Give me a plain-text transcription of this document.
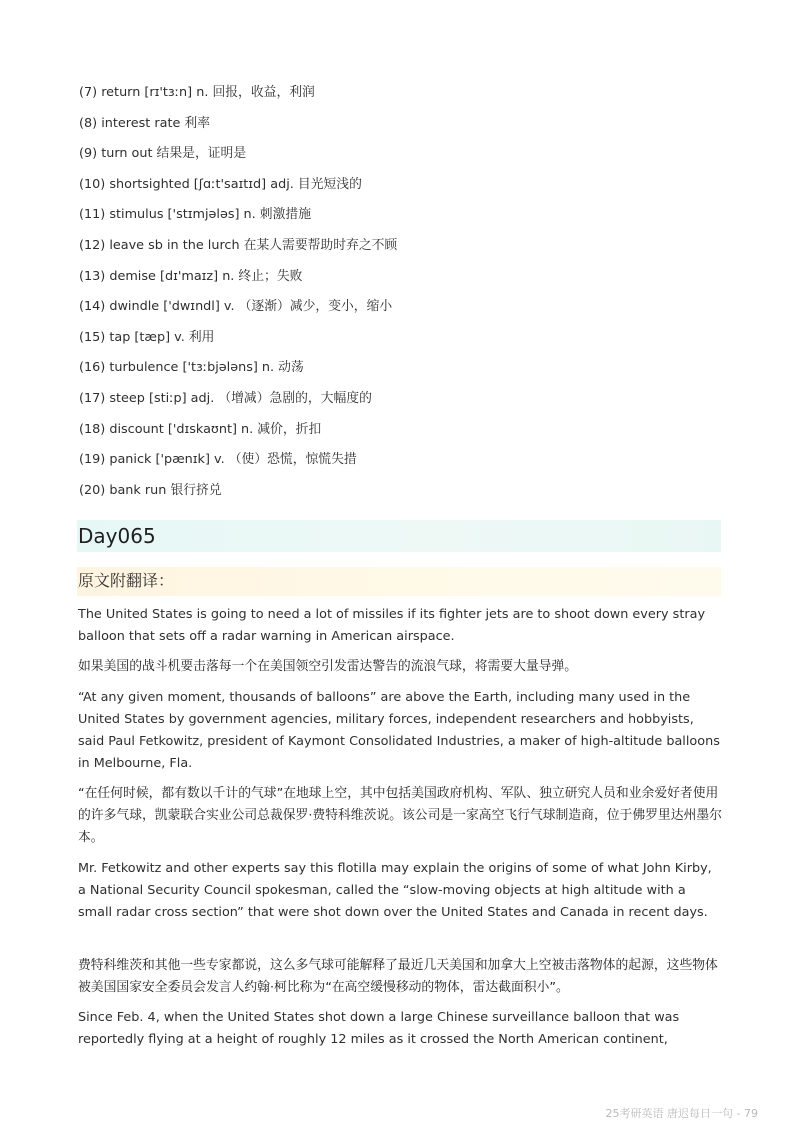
(7) return [rɪ'tɜːn] n. 回报，收益，利润
(8) interest rate 利率
(9) turn out 结果是，证明是
(10) shortsighted [ʃɑːt'saɪtɪd] adj. 目光短浅的
(11) stimulus ['stɪmjələs] n. 刺激措施
(12) leave sb in the lurch 在某人需要帮助时弃之不顾
(13) demise [dɪ'maɪz] n. 终止；失败
(14) dwindle ['dwɪndl] v. （逐渐）减少，变小，缩小
(15) tap [tæp] v. 利用
(16) turbulence ['tɜːbjələns] n. 动荡
(17) steep [stiːp] adj. （增减）急剧的，大幅度的
(18) discount ['dɪskaʊnt] n. 减价，折扣
(19) panick ['pænɪk] v. （使）恐慌，惊慌失措
(20) bank run 银行挤兑
Day065
原文附翻译：

The United States is going to need a lot of missiles if its fighter jets are to shoot down every stray balloon that sets off a radar warning in American airspace.

如果美国的战斗机要击落每一个在美国领空引发雷达警告的流浪气球，将需要大量导弹。

“At any given moment, thousands of balloons” are above the Earth, including many used in the United States by government agencies, military forces, independent researchers and hobbyists, said Paul Fetkowitz, president of Kaymont Consolidated Industries, a maker of high-altitude balloons in Melbourne, Fla.

“在任何时候，都有数以千计的气球”在地球上空，其中包括美国政府机构、军队、独立研究人员和业余爱好者使用的许多气球，凯蒙联合实业公司总裁保罗·费特科维茨说。该公司是一家高空飞行气球制造商，位于佛罗里达州墨尔本。

Mr. Fetkowitz and other experts say this flotilla may explain the origins of some of what John Kirby, a National Security Council spokesman, called the “slow-moving objects at high altitude with a small radar cross section” that were shot down over the United States and Canada in recent days.

费特科维茨和其他一些专家都说，这么多气球可能解释了最近几天美国和加拿大上空被击落物体的起源，这些物体被美国国家安全委员会发言人约翰·柯比称为“在高空缓慢移动的物体，雷达截面积小”。

Since Feb. 4, when the United States shot down a large Chinese surveillance balloon that was reportedly flying at a height of roughly 12 miles as it crossed the North American continent,

25考研英语 唐迟每日一句 - 79
